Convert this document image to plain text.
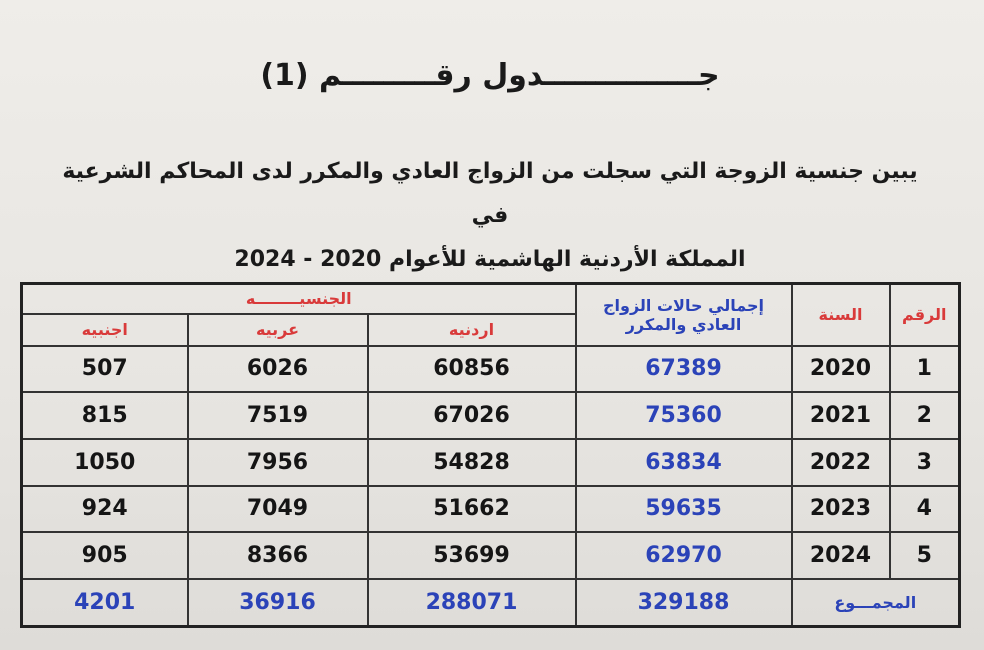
جـــــــــــــــدول رقـــــــــم (1)
يبين جنسية الزوجة التي سجلت من الزواج العادي والمكرر لدى المحاكم الشرعية في
المملكة الأردنية الهاشمية للأعوام 2020 - 2024
الرقم	السنة	إجمالي حالات الزواج العادي والمكرر	الجنسيــــــــه		
			اردنيه	عربيه	اجنبيه
1	2020	67389	60856	6026	507
2	2021	75360	67026	7519	815
3	2022	63834	54828	7956	1050
4	2023	59635	51662	7049	924
5	2024	62970	53699	8366	905
المجمـــوع		329188	288071	36916	4201
